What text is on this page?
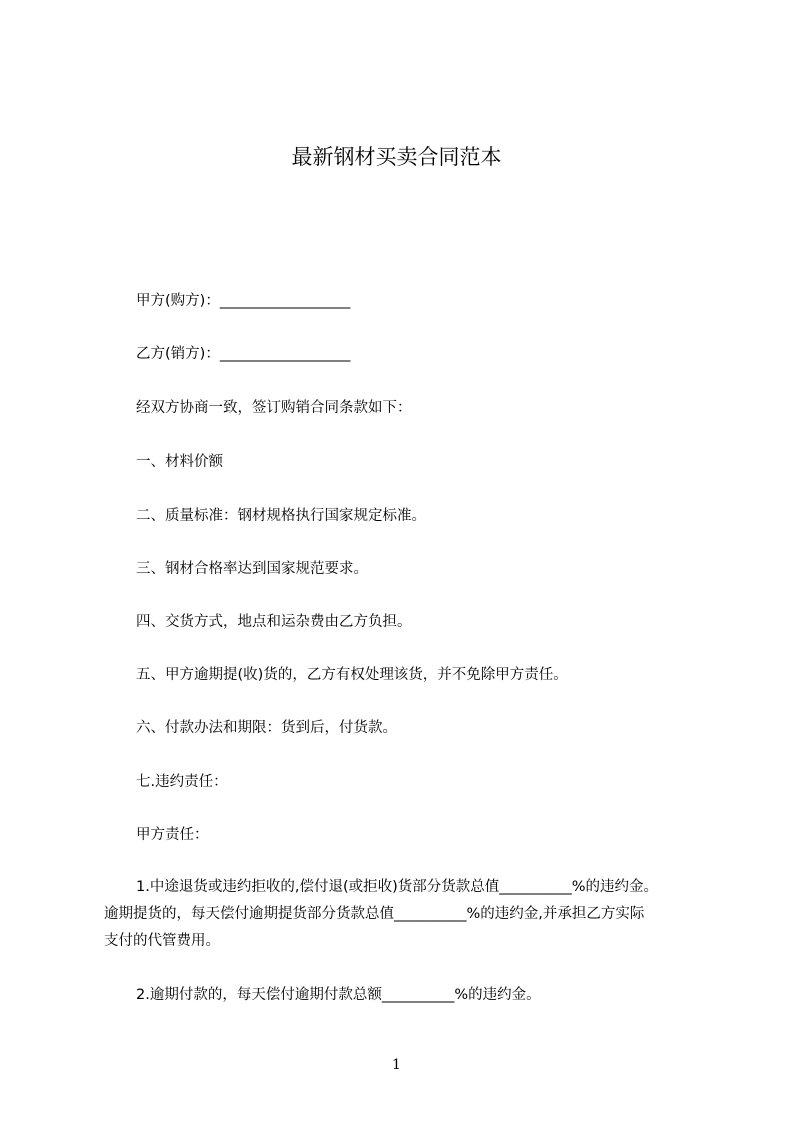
最新钢材买卖合同范本
甲方(购方)：__________________
乙方(销方)：__________________
经双方协商一致，签订购销合同条款如下：
一、材料价额
二、质量标准：钢材规格执行国家规定标准。
三、钢材合格率达到国家规范要求。
四、交货方式，地点和运杂费由乙方负担。
五、甲方逾期提(收)货的，乙方有权处理该货，并不免除甲方责任。
六、付款办法和期限：货到后，付货款。
七.违约责任：
甲方责任：
1.中途退货或违约拒收的,偿付退(或拒收)货部分货款总值__________%的违约金。
逾期提货的，每天偿付逾期提货部分货款总值__________%的违约金,并承担乙方实际
支付的代管费用。
2.逾期付款的，每天偿付逾期付款总额__________%的违约金。
1
